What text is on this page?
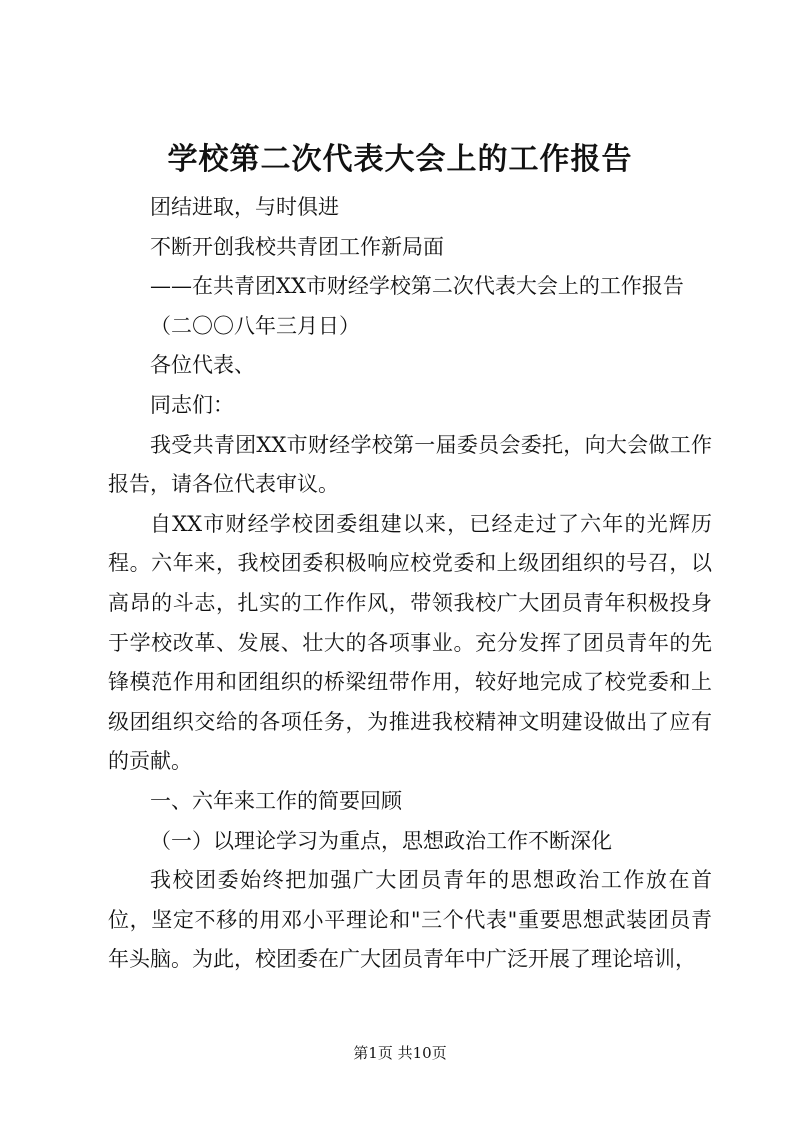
学校第二次代表大会上的工作报告

团结进取，与时俱进

不断开创我校共青团工作新局面

——在共青团XX市财经学校第二次代表大会上的工作报告

（二〇〇八年三月日）

各位代表、

同志们：

我受共青团XX市财经学校第一届委员会委托，向大会做工作报告，请各位代表审议。

自XX市财经学校团委组建以来，已经走过了六年的光辉历程。六年来，我校团委积极响应校党委和上级团组织的号召，以高昂的斗志，扎实的工作作风，带领我校广大团员青年积极投身于学校改革、发展、壮大的各项事业。充分发挥了团员青年的先锋模范作用和团组织的桥梁纽带作用，较好地完成了校党委和上级团组织交给的各项任务，为推进我校精神文明建设做出了应有的贡献。

一、六年来工作的简要回顾

（一）以理论学习为重点，思想政治工作不断深化

我校团委始终把加强广大团员青年的思想政治工作放在首位，坚定不移的用邓小平理论和"三个代表"重要思想武装团员青年头脑。为此，校团委在广大团员青年中广泛开展了理论培训，

第1页 共10页
